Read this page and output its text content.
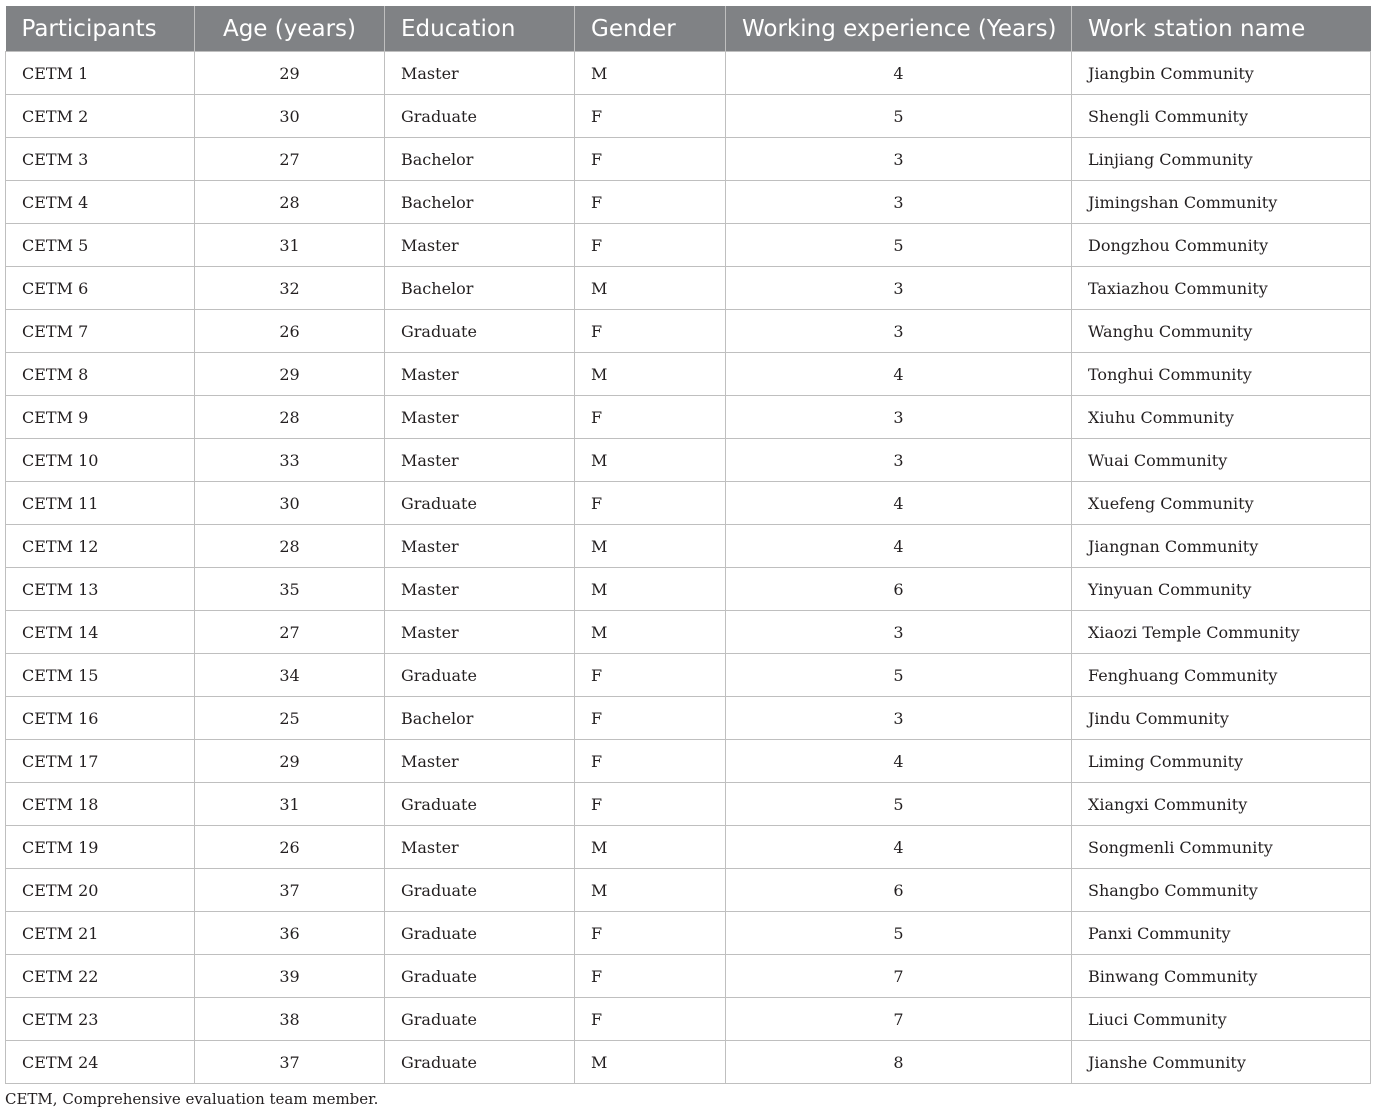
Participants	Age (years)	Education	Gender	Working experience (Years)	Work station name
CETM 1	29	Master	M	4	Jiangbin Community
CETM 2	30	Graduate	F	5	Shengli Community
CETM 3	27	Bachelor	F	3	Linjiang Community
CETM 4	28	Bachelor	F	3	Jimingshan Community
CETM 5	31	Master	F	5	Dongzhou Community
CETM 6	32	Bachelor	M	3	Taxiazhou Community
CETM 7	26	Graduate	F	3	Wanghu Community
CETM 8	29	Master	M	4	Tonghui Community
CETM 9	28	Master	F	3	Xiuhu Community
CETM 10	33	Master	M	3	Wuai Community
CETM 11	30	Graduate	F	4	Xuefeng Community
CETM 12	28	Master	M	4	Jiangnan Community
CETM 13	35	Master	M	6	Yinyuan Community
CETM 14	27	Master	M	3	Xiaozi Temple Community
CETM 15	34	Graduate	F	5	Fenghuang Community
CETM 16	25	Bachelor	F	3	Jindu Community
CETM 17	29	Master	F	4	Liming Community
CETM 18	31	Graduate	F	5	Xiangxi Community
CETM 19	26	Master	M	4	Songmenli Community
CETM 20	37	Graduate	M	6	Shangbo Community
CETM 21	36	Graduate	F	5	Panxi Community
CETM 22	39	Graduate	F	7	Binwang Community
CETM 23	38	Graduate	F	7	Liuci Community
CETM 24	37	Graduate	M	8	Jianshe Community
CETM, Comprehensive evaluation team member.
